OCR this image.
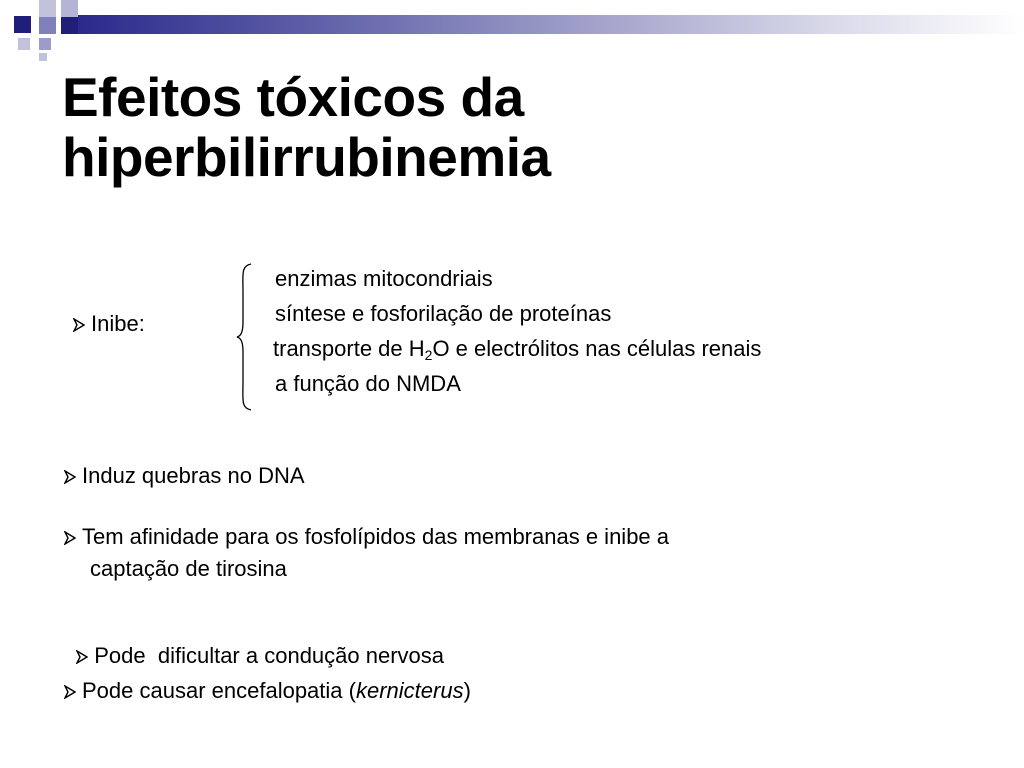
Efeitos tóxicos da
hiperbilirrubinemia
Inibe:
enzimas mitocondriais
síntese e fosforilação de proteínas
transporte de $H_2O$ e electrólitos nas células renais
a função do NMDA
Induz quebras no DNA
Tem afinidade para os fosfolípidos das membranas e inibe a
captação de tirosina

Pode  dificultar a condução nervosa

Pode causar encefalopatia (kernicterus)
